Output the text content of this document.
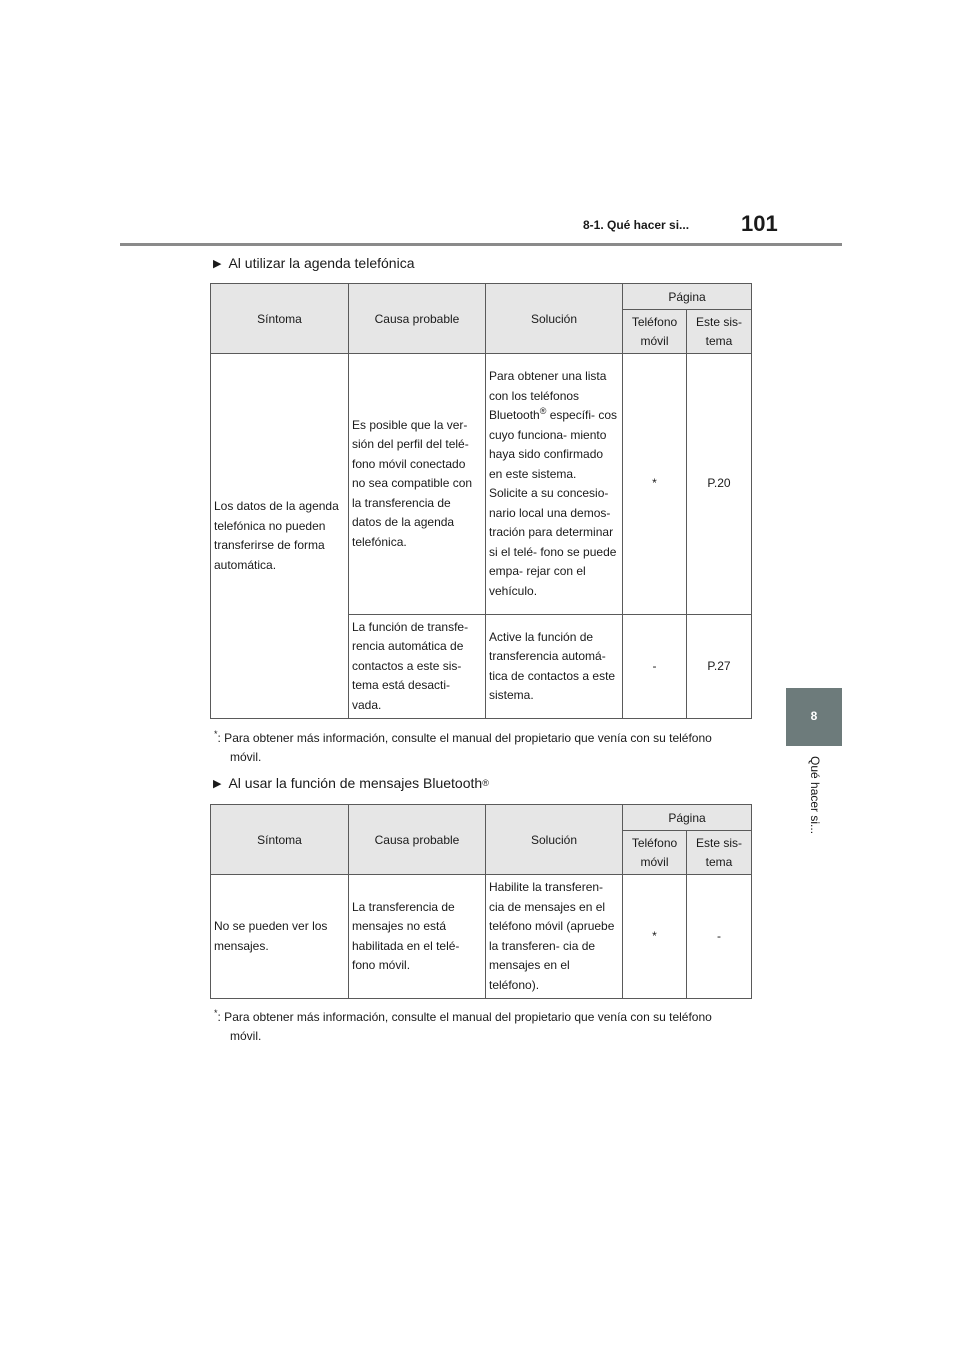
8-1. Qué hacer si... 101
8
Qué hacer si...
▶ Al utilizar la agenda telefónica
Síntoma	Causa probable	Solución	Página	
			Teléfono móvil	Este sis- tema
Los datos de la agenda telefónica no pueden transferirse de forma automática.	Es posible que la ver- sión del perfil del telé- fono móvil conectado no sea compatible con la transferencia de datos de la agenda telefónica.	Para obtener una lista con los teléfonos Bluetooth® específi- cos cuyo funciona- miento haya sido confirmado en este sistema.
Solicite a su concesio- nario local una demos- tración para determinar si el telé- fono se puede empa- rejar con el vehículo.	*	P.20
	La función de transfe- rencia automática de contactos a este sis- tema está desacti- vada.	Active la función de transferencia automá- tica de contactos a este sistema.	-	P.27
*: Para obtener más información, consulte el manual del propietario que venía con su teléfono
móvil.
▶ Al usar la función de mensajes Bluetooth ®
Síntoma	Causa probable	Solución	Página	
			Teléfono móvil	Este sis- tema
No se pueden ver los mensajes.	La transferencia de mensajes no está habilitada en el telé- fono móvil.	Habilite la transferen- cia de mensajes en el teléfono móvil (apruebe la transferen- cia de mensajes en el teléfono).	*	-
*: Para obtener más información, consulte el manual del propietario que venía con su teléfono
móvil.
